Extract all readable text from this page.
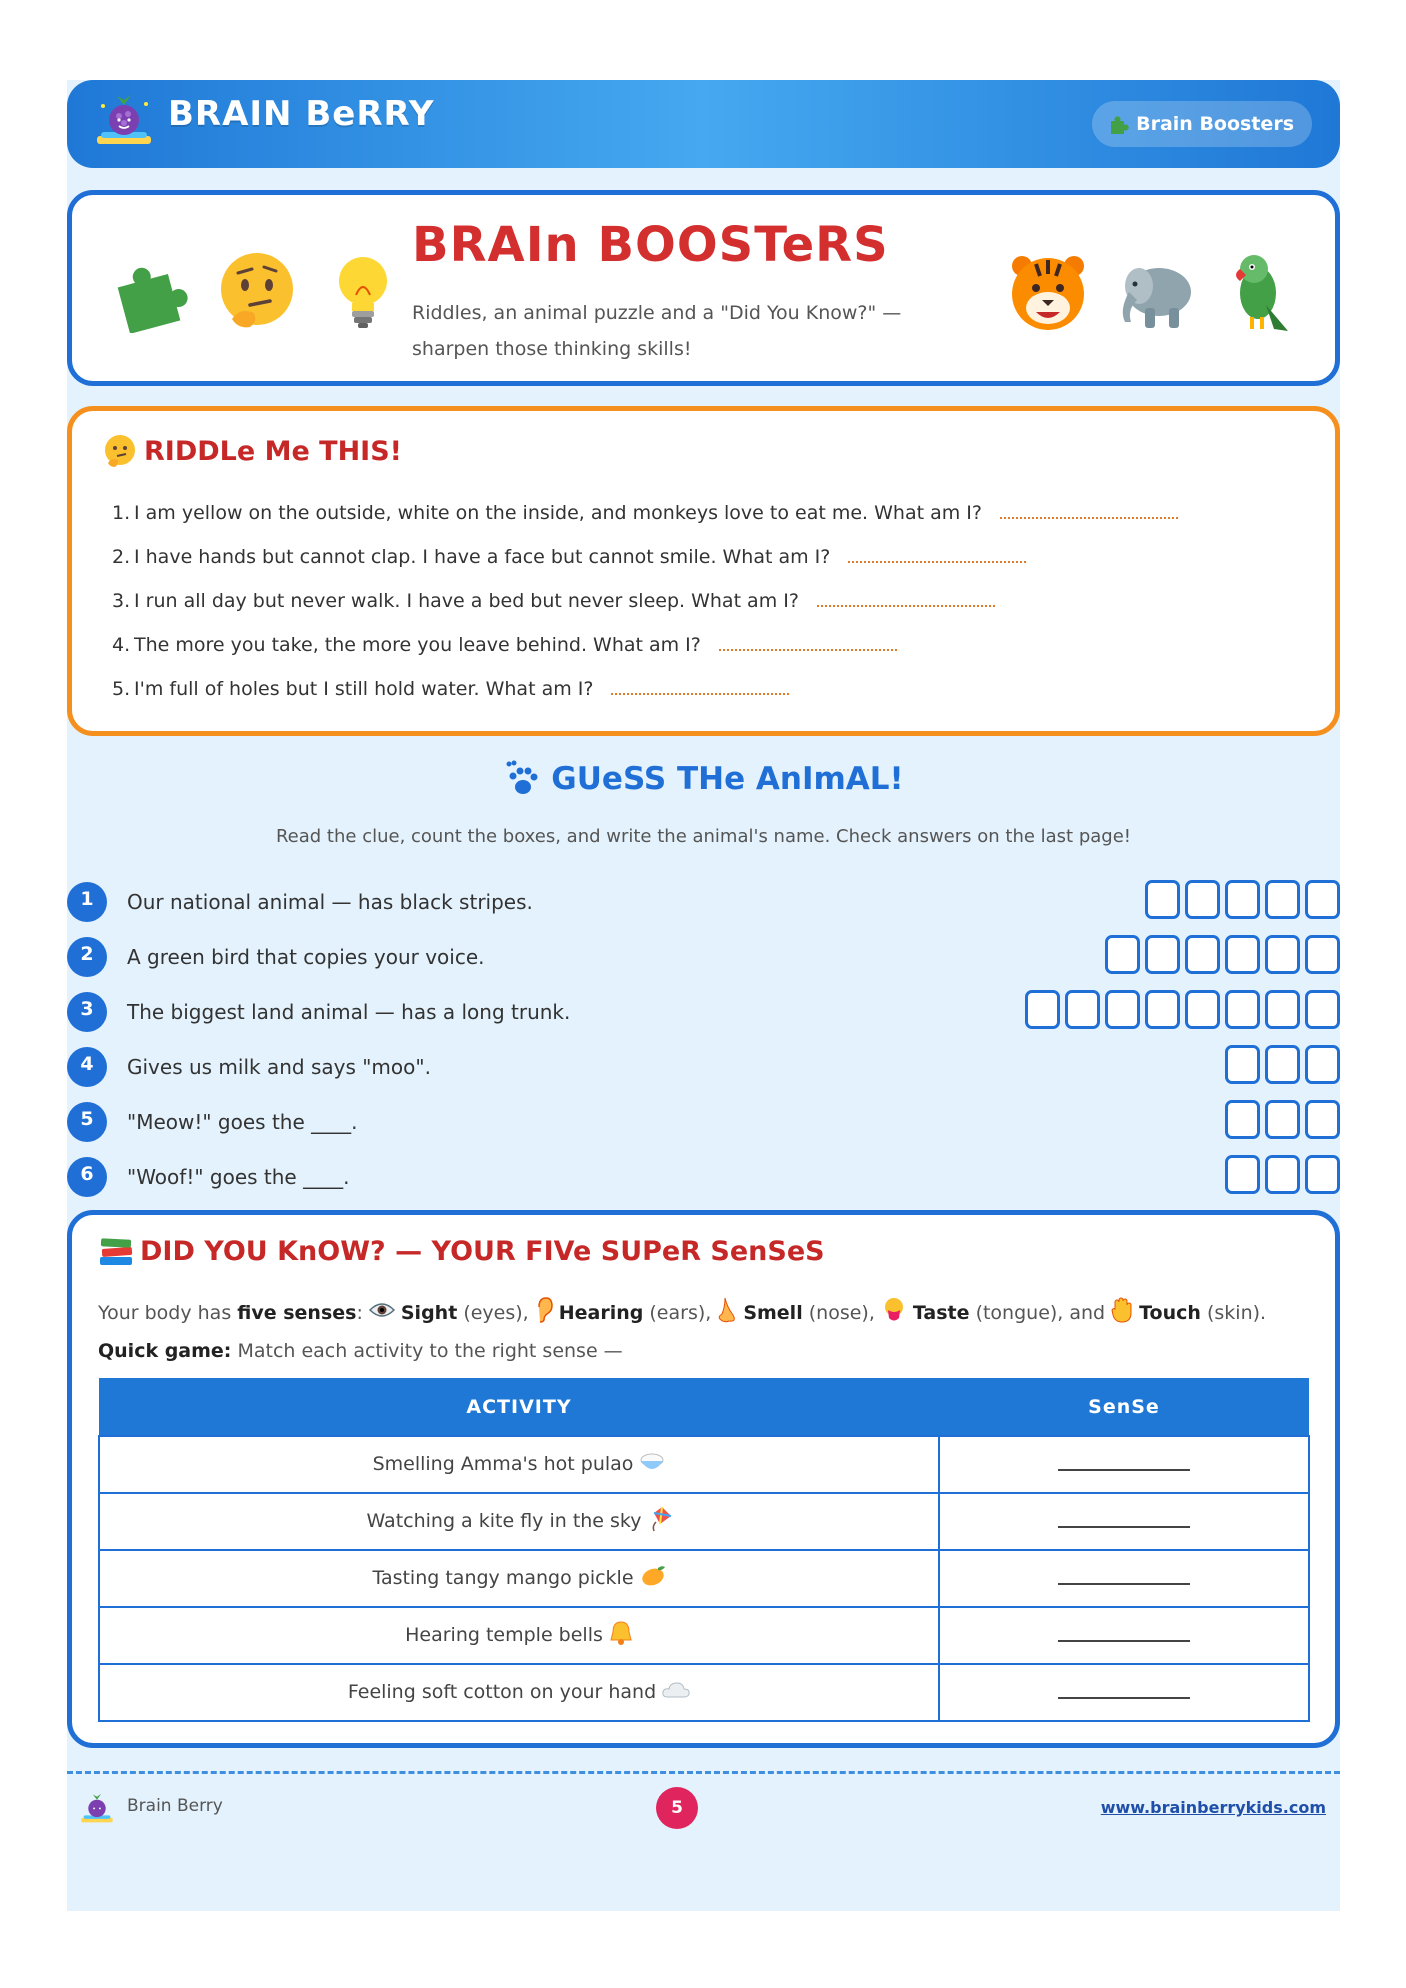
BRAIN BeRRY	Brain Boosters
BRAIn BOOSTeRS
Riddles, an animal puzzle and a "Did You Know?" — sharpen those thinking skills!
RIDDLe Me THIS!
1. I am yellow on the outside, white on the inside, and monkeys love to eat me. What am I?
2. I have hands but cannot clap. I have a face but cannot smile. What am I?
3. I run all day but never walk. I have a bed but never sleep. What am I?
4. The more you take, the more you leave behind. What am I?
5. I'm full of holes but I still hold water. What am I?
GUeSS THe AnImAL!
Read the clue, count the boxes, and write the animal's name. Check answers on the last page!
1	Our national animal — has black stripes.
2	A green bird that copies your voice.
3	The biggest land animal — has a long trunk.
4	Gives us milk and says "moo".
5	"Meow!" goes the ____.
6	"Woof!" goes the ____.
DID YOU KnOW? — YOUR FIVe SUPeR SenSeS
Your body has
five senses : Sight
(eyes), Hearing
(ears), Smell
(nose), Taste
(tongue), and Touch
(skin).
Quick game: Match each activity to the right sense —
ACTIVITY	SenSe
Smelling Amma's hot pulao	
Watching a kite fly in the sky	
Tasting tangy mango pickle	
Hearing temple bells	
Feeling soft cotton on your hand	
Brain Berry	5	www.brainberrykids.com
